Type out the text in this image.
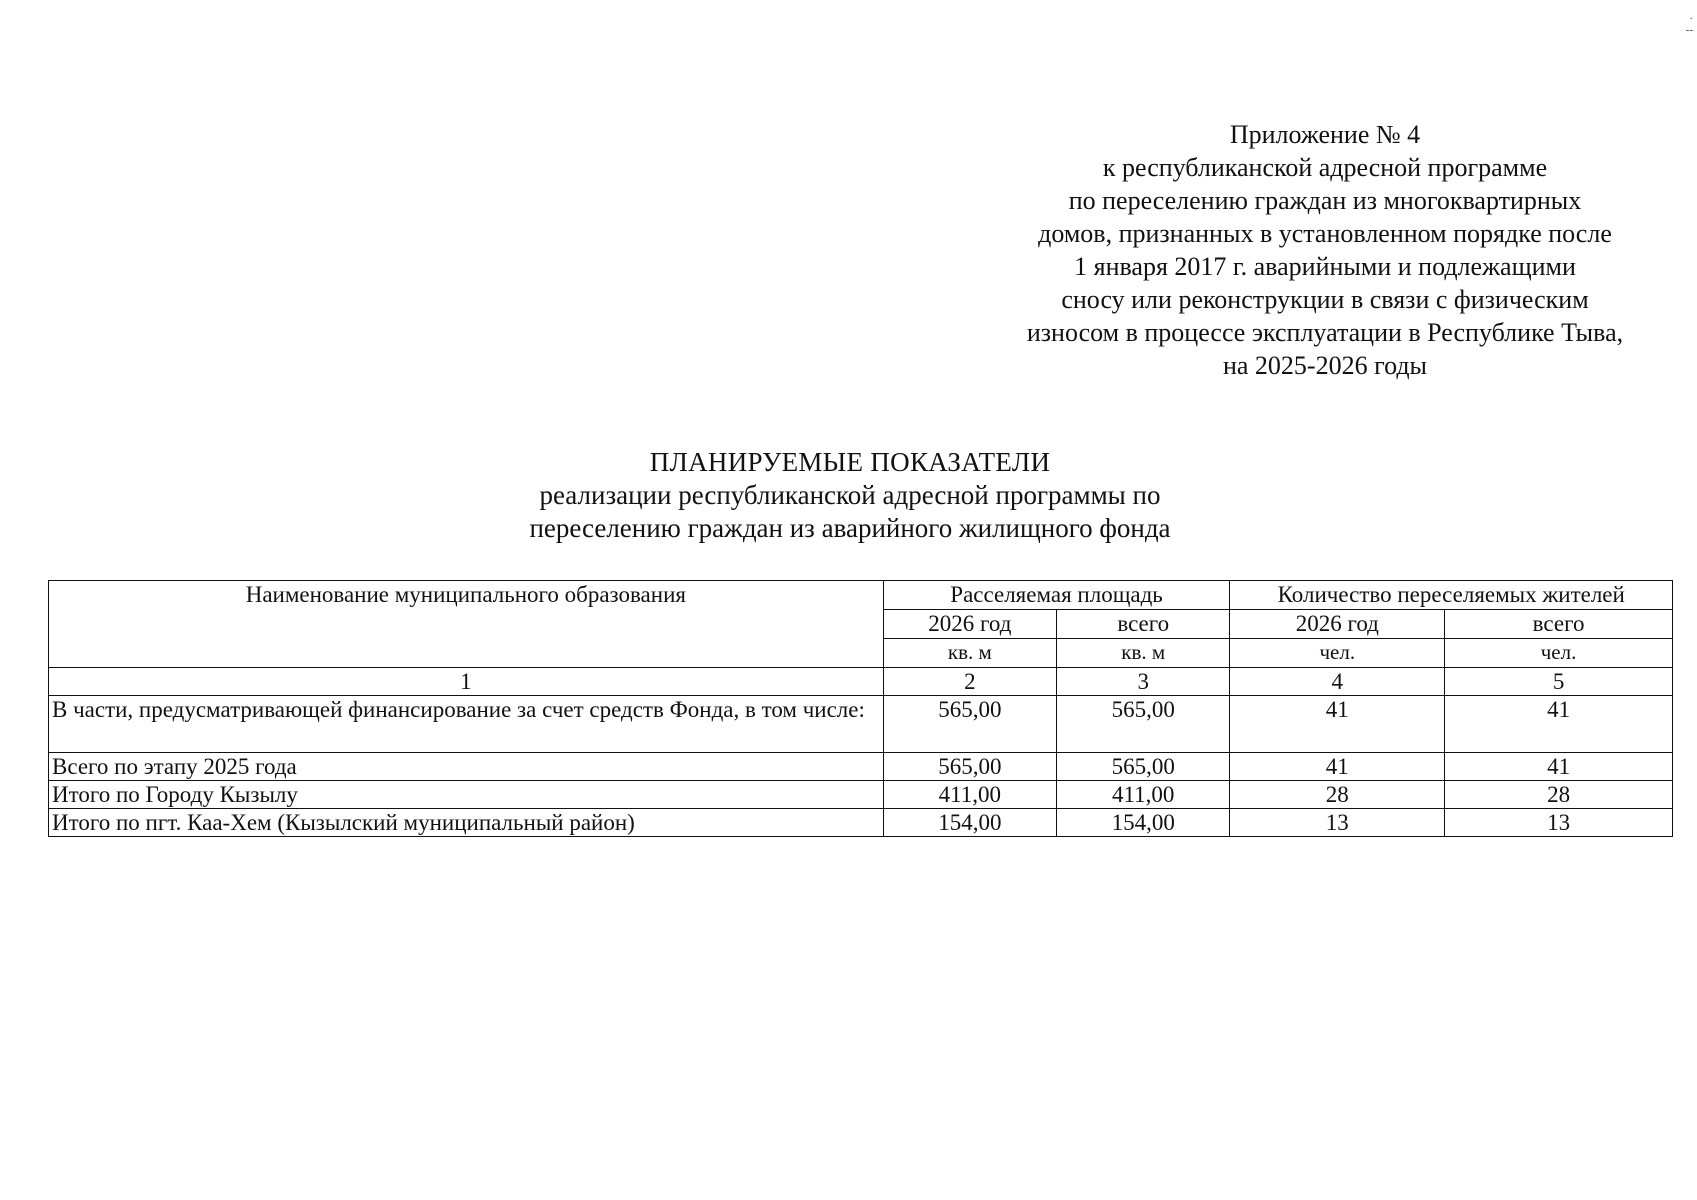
·
--
Приложение № 4
к республиканской адресной программе
по переселению граждан из многоквартирных
домов, признанных в установленном порядке после
1 января 2017 г. аварийными и подлежащими
сносу или реконструкции в связи с физическим
износом в процессе эксплуатации в Республике Тыва,
на 2025-2026 годы
ПЛАНИРУЕМЫЕ ПОКАЗАТЕЛИ
реализации республиканской адресной программы по
переселению граждан из аварийного жилищного фонда
Наименование муниципального образования	Расселяемая площадь		Количество переселяемых жителей	
	2026 год	всего	2026 год	всего
	кв. м	кв. м	чел.	чел.
1	2	3	4	5
В части, предусматривающей финансирование за счет средств Фонда, в том числе:	565,00	565,00	41	41
Всего по этапу 2025 года	565,00	565,00	41	41
Итого по Городу Кызылу	411,00	411,00	28	28
Итого по пгт. Каа-Хем (Кызылский муниципальный район)	154,00	154,00	13	13
